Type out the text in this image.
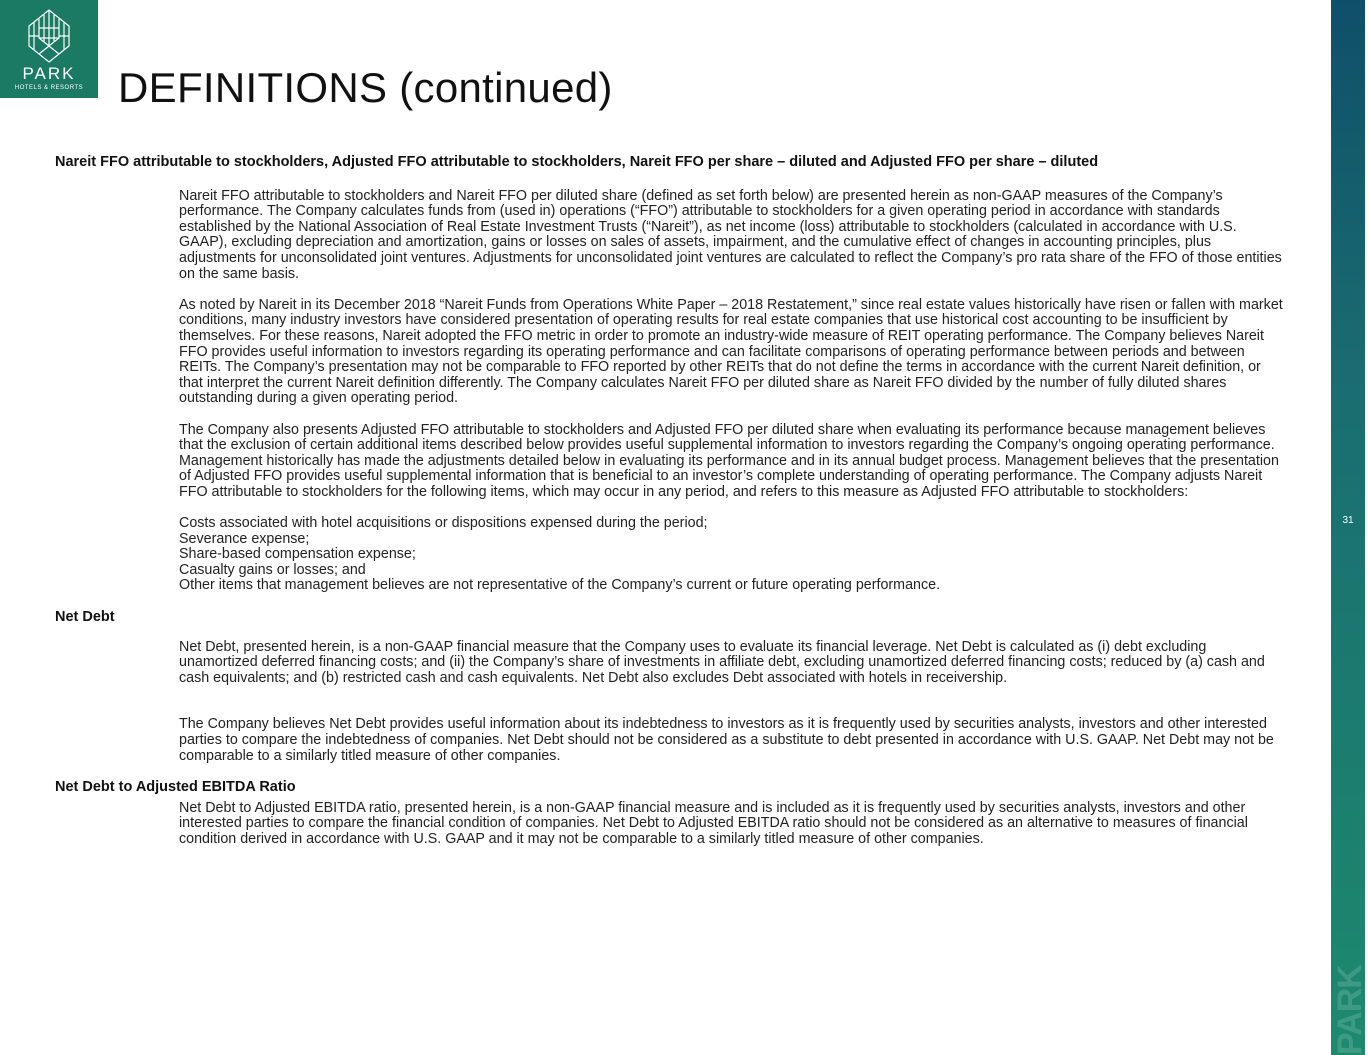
PARK
HOTELS & RESORTS DEFINITIONS (continued)
31
PARK
Nareit FFO attributable to stockholders, Adjusted FFO attributable to stockholders, Nareit FFO per share – diluted and Adjusted FFO per share – diluted

Nareit FFO attributable to stockholders and Nareit FFO per diluted share (defined as set forth below) are presented herein as non-GAAP measures of the Company’s performance. The Company calculates funds from (used in) operations (“FFO”) attributable to stockholders for a given operating period in accordance with standards established by the National Association of Real Estate Investment Trusts (“Nareit”), as net income (loss) attributable to stockholders (calculated in accordance with U.S. GAAP), excluding depreciation and amortization, gains or losses on sales of assets, impairment, and the cumulative effect of changes in accounting principles, plus adjustments for unconsolidated joint ventures. Adjustments for unconsolidated joint ventures are calculated to reflect the Company’s pro rata share of the FFO of those entities on the same basis.

As noted by Nareit in its December 2018 “Nareit Funds from Operations White Paper – 2018 Restatement,” since real estate values historically have risen or fallen with market conditions, many industry investors have considered presentation of operating results for real estate companies that use historical cost accounting to be insufficient by themselves. For these reasons, Nareit adopted the FFO metric in order to promote an industry-wide measure of REIT operating performance. The Company believes Nareit FFO provides useful information to investors regarding its operating performance and can facilitate comparisons of operating performance between periods and between REITs. The Company’s presentation may not be comparable to FFO reported by other REITs that do not define the terms in accordance with the current Nareit definition, or that interpret the current Nareit definition differently. The Company calculates Nareit FFO per diluted share as Nareit FFO divided by the number of fully diluted shares outstanding during a given operating period.

The Company also presents Adjusted FFO attributable to stockholders and Adjusted FFO per diluted share when evaluating its performance because management believes that the exclusion of certain additional items described below provides useful supplemental information to investors regarding the Company’s ongoing operating performance. Management historically has made the adjustments detailed below in evaluating its performance and in its annual budget process. Management believes that the presentation of Adjusted FFO provides useful supplemental information that is beneficial to an investor’s complete understanding of operating performance. The Company adjusts Nareit FFO attributable to stockholders for the following items, which may occur in any period, and refers to this measure as Adjusted FFO attributable to stockholders:

Costs associated with hotel acquisitions or dispositions expensed during the period;
Severance expense;
Share-based compensation expense;
Casualty gains or losses; and
Other items that management believes are not representative of the Company’s current or future operating performance.
Net Debt

Net Debt, presented herein, is a non-GAAP financial measure that the Company uses to evaluate its financial leverage. Net Debt is calculated as (i) debt excluding unamortized deferred financing costs; and (ii) the Company’s share of investments in affiliate debt, excluding unamortized deferred financing costs; reduced by (a) cash and cash equivalents; and (b) restricted cash and cash equivalents. Net Debt also excludes Debt associated with hotels in receivership.

The Company believes Net Debt provides useful information about its indebtedness to investors as it is frequently used by securities analysts, investors and other interested parties to compare the indebtedness of companies. Net Debt should not be considered as a substitute to debt presented in accordance with U.S. GAAP. Net Debt may not be comparable to a similarly titled measure of other companies.

Net Debt to Adjusted EBITDA Ratio

Net Debt to Adjusted EBITDA ratio, presented herein, is a non-GAAP financial measure and is included as it is frequently used by securities analysts, investors and other interested parties to compare the financial condition of companies. Net Debt to Adjusted EBITDA ratio should not be considered as an alternative to measures of financial condition derived in accordance with U.S. GAAP and it may not be comparable to a similarly titled measure of other companies.
